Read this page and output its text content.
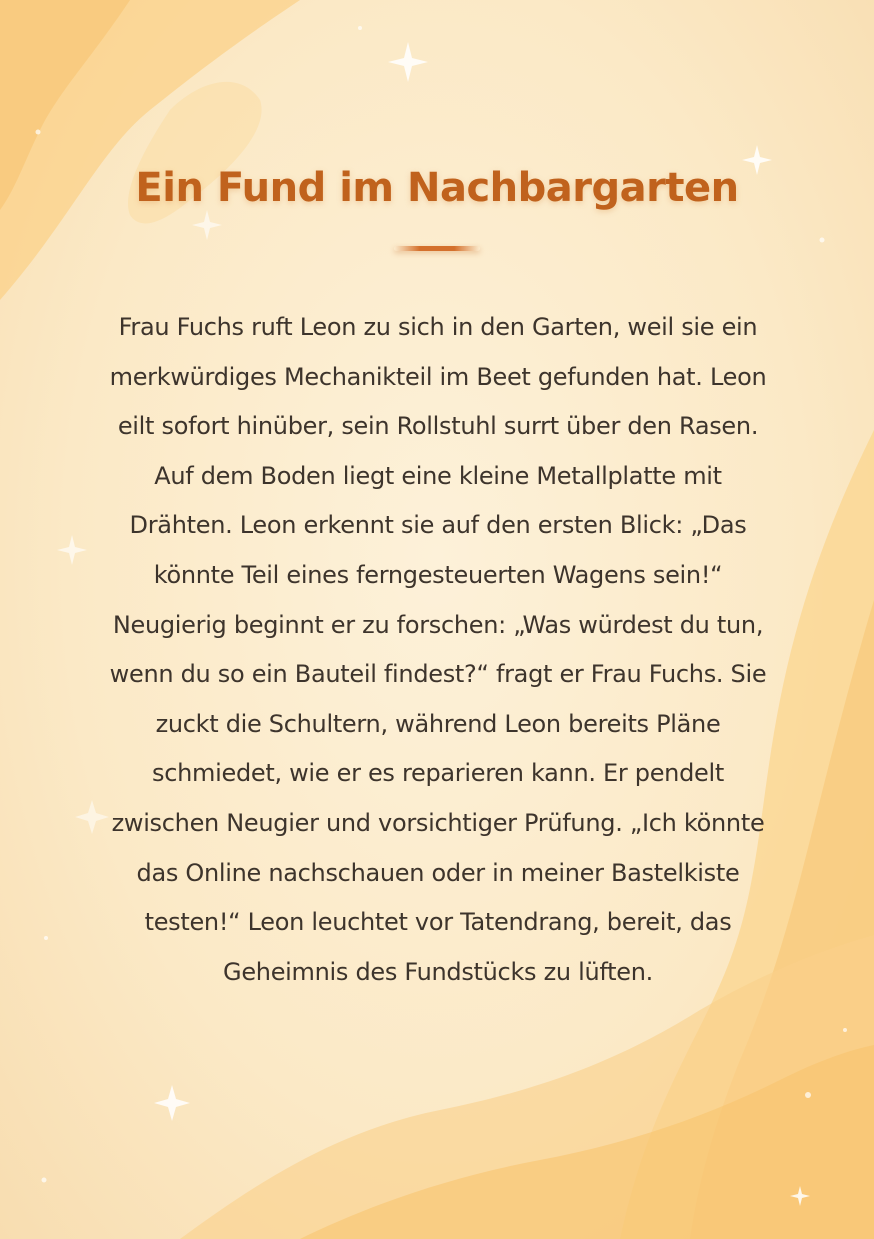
Ein Fund im Nachbargarten

Frau Fuchs ruft Leon zu sich in den Garten, weil sie ein merkwürdiges Mechanikteil im Beet gefunden hat. Leon eilt sofort hinüber, sein Rollstuhl surrt über den Rasen. Auf dem Boden liegt eine kleine Metallplatte mit Drähten. Leon erkennt sie auf den ersten Blick: „Das könnte Teil eines ferngesteuerten Wagens sein!“ Neugierig beginnt er zu forschen: „Was würdest du tun, wenn du so ein Bauteil findest?“ fragt er Frau Fuchs. Sie zuckt die Schultern, während Leon bereits Pläne schmiedet, wie er es reparieren kann. Er pendelt zwischen Neugier und vorsichtiger Prüfung. „Ich könnte das Online nachschauen oder in meiner Bastelkiste testen!“ Leon leuchtet vor Tatendrang, bereit, das Geheimnis des Fundstücks zu lüften.
